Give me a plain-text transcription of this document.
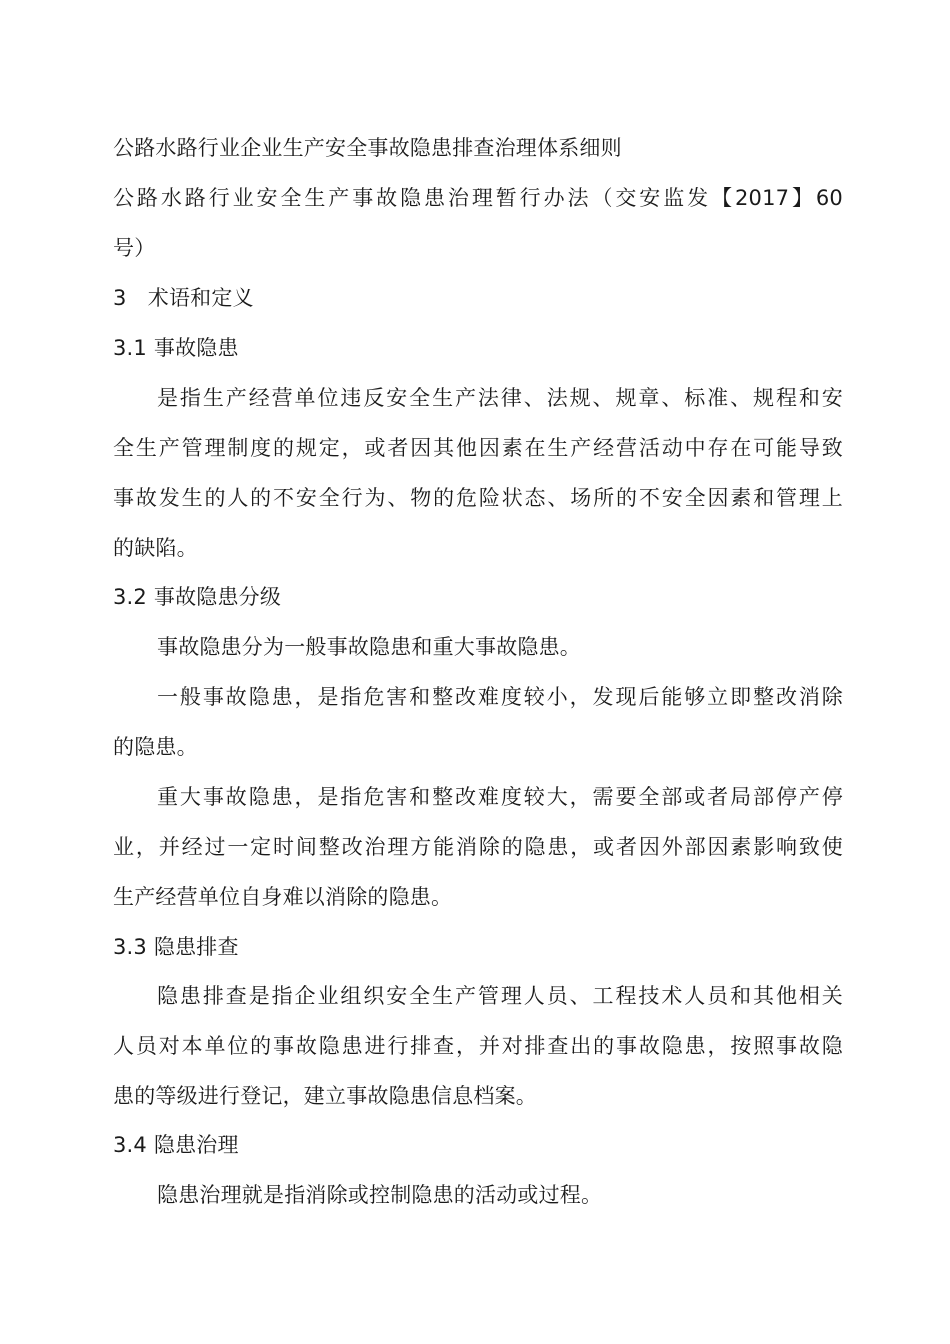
公路水路行业企业生产安全事故隐患排查治理体系细则
公路水路行业安全生产事故隐患治理暂行办法（交安监发【2017】60
号）
3　术语和定义
3.1 事故隐患
是指生产经营单位违反安全生产法律、法规、规章、标准、规程和安
全生产管理制度的规定，或者因其他因素在生产经营活动中存在可能导致
事故发生的人的不安全行为、物的危险状态、场所的不安全因素和管理上
的缺陷。
3.2 事故隐患分级
事故隐患分为一般事故隐患和重大事故隐患。
一般事故隐患，是指危害和整改难度较小，发现后能够立即整改消除
的隐患。
重大事故隐患，是指危害和整改难度较大，需要全部或者局部停产停
业，并经过一定时间整改治理方能消除的隐患，或者因外部因素影响致使
生产经营单位自身难以消除的隐患。
3.3 隐患排查
隐患排查是指企业组织安全生产管理人员、工程技术人员和其他相关
人员对本单位的事故隐患进行排查，并对排查出的事故隐患，按照事故隐
患的等级进行登记，建立事故隐患信息档案。
3.4 隐患治理
隐患治理就是指消除或控制隐患的活动或过程。
